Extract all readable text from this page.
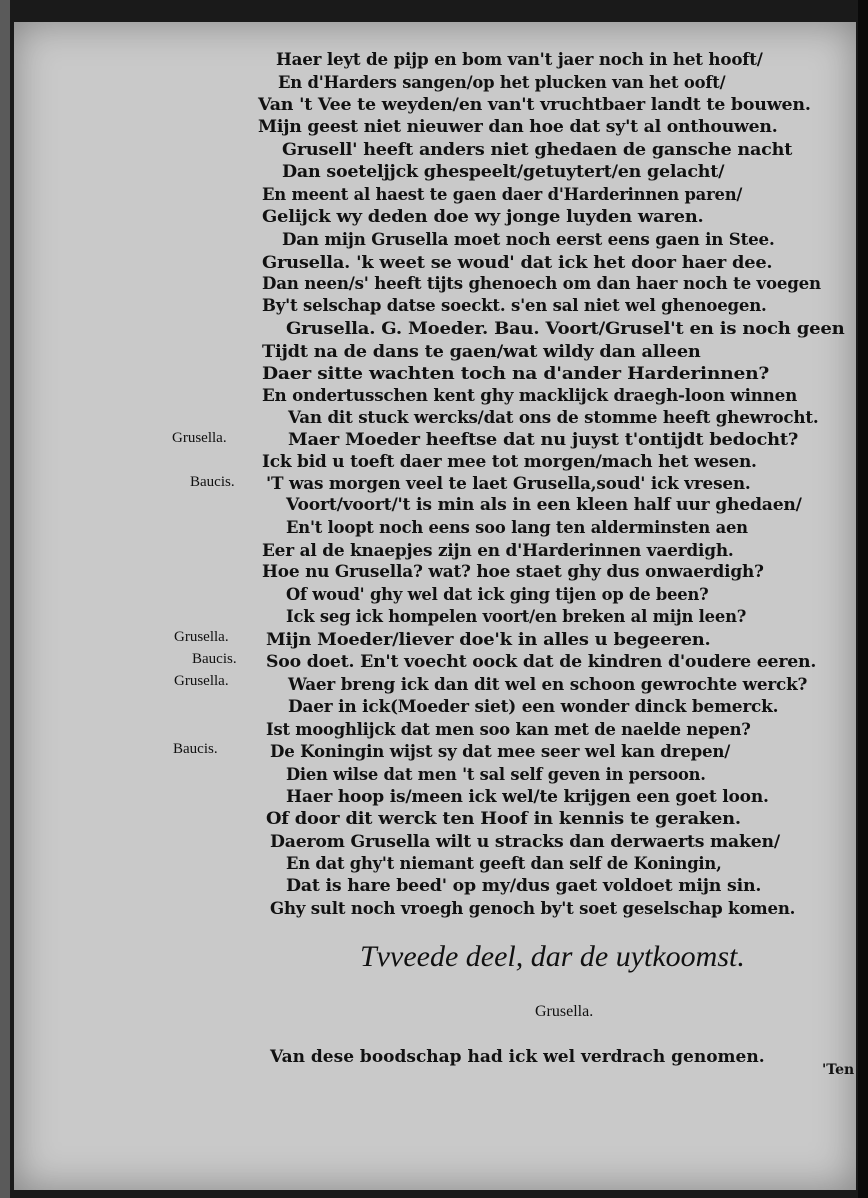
Haer leyt de pijp en bom van't jaer noch in het hooft/
En d'Harders sangen/op het plucken van het ooft/
Van 't Vee te weyden/en van't vruchtbaer landt te bouwen.
Mijn geest niet nieuwer dan hoe dat sy't al onthouwen.
Grusell' heeft anders niet ghedaen de gansche nacht
Dan soeteljjck ghespeelt/getuytert/en gelacht/
En meent al haest te gaen daer d'Harderinnen paren/
Gelijck wy deden doe wy jonge luyden waren.
Dan mijn Grusella moet noch eerst eens gaen in Stee.
Grusella. 'k weet se woud' dat ick het door haer dee.
Dan neen/s' heeft tijts ghenoech om dan haer noch te voegen
By't selschap datse soeckt. s'en sal niet wel ghenoegen.
Grusella. G. Moeder. Bau. Voort/Grusel't en is noch geen
Tijdt na de dans te gaen/wat wildy dan alleen
Daer sitte wachten toch na d'ander Harderinnen?
En ondertusschen kent ghy macklijck draegh-loon winnen
Van dit stuck wercks/dat ons de stomme heeft ghewrocht.
Maer Moeder heeftse dat nu juyst t'ontijdt bedocht?
Ick bid u toeft daer mee tot morgen/mach het wesen.
'T was morgen veel te laet Grusella,soud' ick vresen.
Voort/voort/'t is min als in een kleen half uur ghedaen/
En't loopt noch eens soo lang ten alderminsten aen
Eer al de knaepjes zijn en d'Harderinnen vaerdigh.
Hoe nu Grusella? wat? hoe staet ghy dus onwaerdigh?
Of woud' ghy wel dat ick ging tijen op de been?
Ick seg ick hompelen voort/en breken al mijn leen?
Mijn Moeder/liever doe'k in alles u begeeren.
Soo doet. En't voecht oock dat de kindren d'oudere eeren.
Waer breng ick dan dit wel en schoon gewrochte werck?
Daer in ick(Moeder siet) een wonder dinck bemerck.
Ist mooghlijck dat men soo kan met de naelde nepen?
De Koningin wijst sy dat mee seer wel kan drepen/
Dien wilse dat men 't sal self geven in persoon.
Haer hoop is/meen ick wel/te krijgen een goet loon.
Of door dit werck ten Hoof in kennis te geraken.
Daerom Grusella wilt u stracks dan derwaerts maken/
En dat ghy't niemant geeft dan self de Koningin,
Dat is hare beed' op my/dus gaet voldoet mijn sin.
Ghy sult noch vroegh genoch by't soet geselschap komen.
Grusella.
Baucis.
Grusella.
Baucis.
Grusella.
Baucis.
Tvveede deel, dar de uytkoomst.
Grusella.
Van dese boodschap had ick wel verdrach genomen.
'Ten
